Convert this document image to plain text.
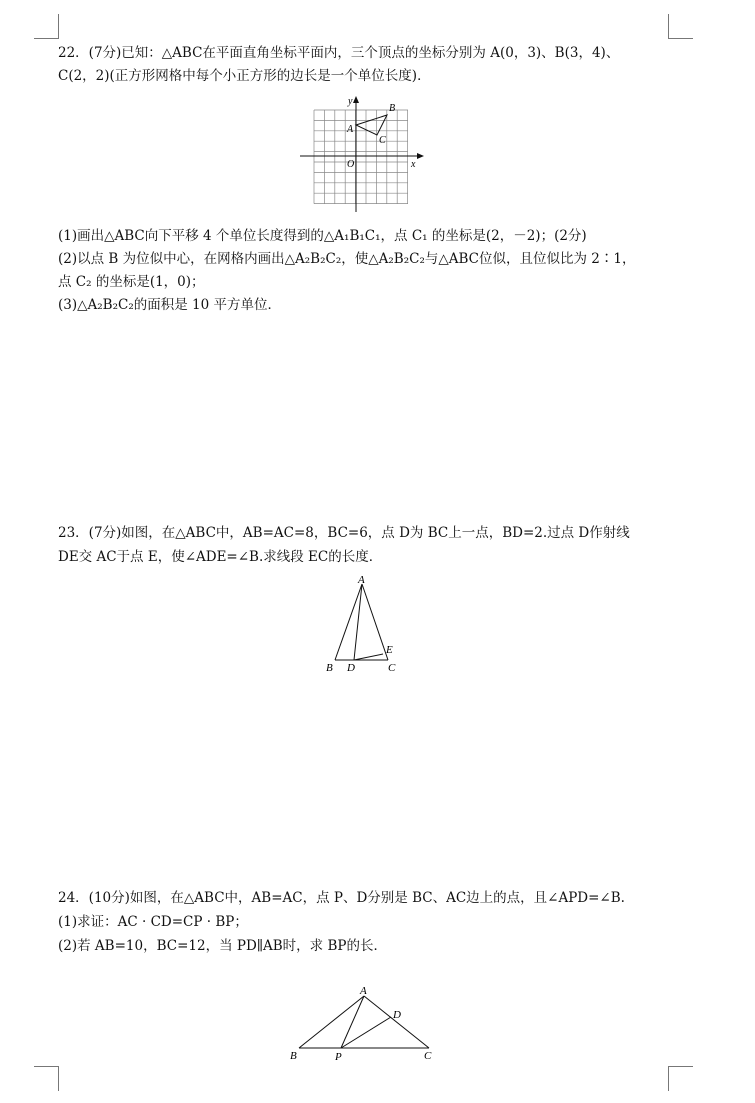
22．(7分)已知：△ABC在平面直角坐标平面内，三个顶点的坐标分别为 A(0，3)、B(3，4)、
C(2，2)(正方形网格中每个小正方形的边长是一个单位长度)．
y
x
O
A
B
C
(1)画出△ABC向下平移 4 个单位长度得到的△A₁B₁C₁，点 C₁ 的坐标是(2，－2)；(2分)
(2)以点 B 为位似中心，在网格内画出△A₂B₂C₂，使△A₂B₂C₂与△ABC位似，且位似比为 2∶1，
点 C₂ 的坐标是(1，0)；
(3)△A₂B₂C₂的面积是 10 平方单位．
23．(7分)如图，在△ABC中，AB=AC=8，BC=6，点 D为 BC上一点，BD=2.过点 D作射线
DE交 AC于点 E，使∠ADE=∠B.求线段 EC的长度．
A
B D	C
E
24．(10分)如图，在△ABC中，AB=AC，点 P、D分别是 BC、AC边上的点，且∠APD=∠B.
(1)求证：AC · CD=CP · BP；
(2)若 AB=10，BC=12，当 PD∥AB时，求 BP的长．
A
B	P	C
D
